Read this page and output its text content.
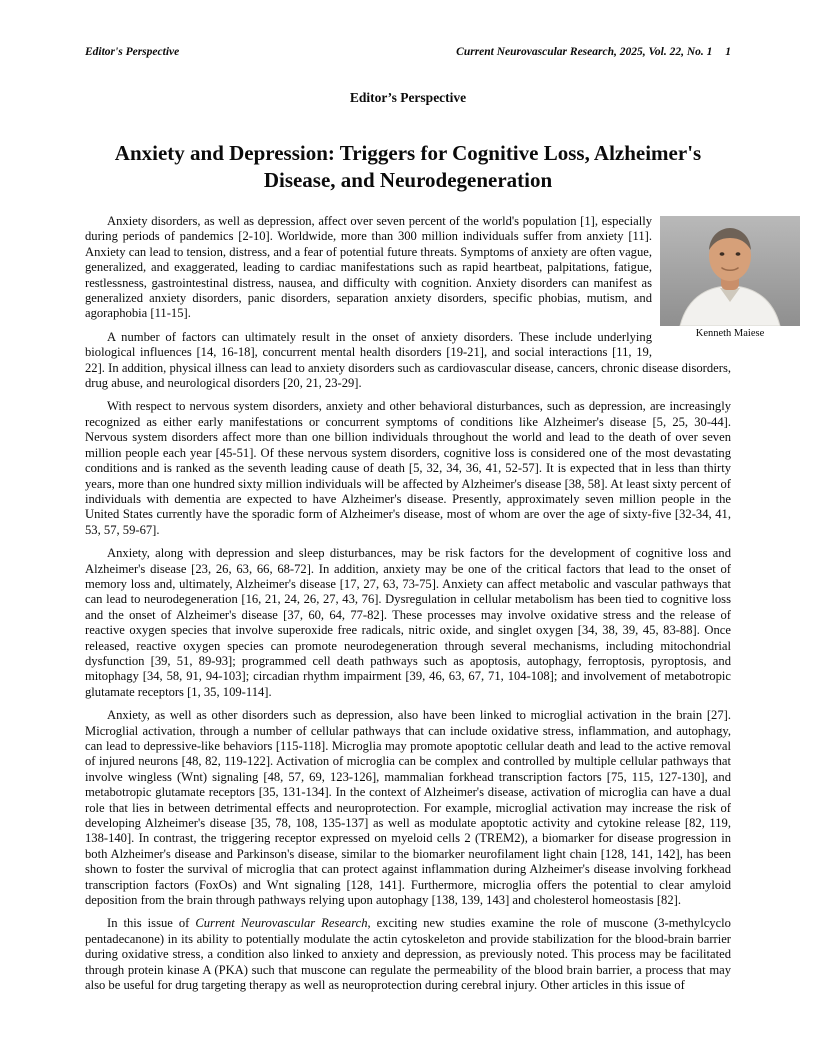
Editor's Perspective	Current Neurovascular Research, 2025, Vol. 22, No. 1 1
Editor’s Perspective
Anxiety and Depression: Triggers for Cognitive Loss, Alzheimer's Disease, and Neurodegeneration
Kenneth Maiese

Anxiety disorders, as well as depression, affect over seven percent of the world's population [1], especially during periods of pandemics [2-10]. Worldwide, more than 300 million individuals suffer from anxiety [11]. Anxiety can lead to tension, distress, and a fear of potential future threats. Symptoms of anxiety are often vague, generalized, and exaggerated, leading to cardiac manifestations such as rapid heartbeat, palpitations, fatigue, restlessness, gastrointestinal distress, nausea, and difficulty with cognition. Anxiety disorders can manifest as generalized anxiety disorders, panic disorders, separation anxiety disorders, specific phobias, mutism, and agoraphobia [11-15].

A number of factors can ultimately result in the onset of anxiety disorders. These include underlying biological influences [14, 16-18], concurrent mental health disorders [19-21], and social interactions [11, 19, 22]. In addition, physical illness can lead to anxiety disorders such as cardiovascular disease, cancers, chronic disease disorders, drug abuse, and neurological disorders [20, 21, 23-29].

With respect to nervous system disorders, anxiety and other behavioral disturbances, such as depression, are increasingly recognized as either early manifestations or concurrent symptoms of conditions like Alzheimer's disease [5, 25, 30-44]. Nervous system disorders affect more than one billion individuals throughout the world and lead to the death of over seven million people each year [45-51]. Of these nervous system disorders, cognitive loss is considered one of the most devastating conditions and is ranked as the seventh leading cause of death [5, 32, 34, 36, 41, 52-57]. It is expected that in less than thirty years, more than one hundred sixty million individuals will be affected by Alzheimer's disease [38, 58]. At least sixty percent of individuals with dementia are expected to have Alzheimer's disease. Presently, approximately seven million people in the United States currently have the sporadic form of Alzheimer's disease, most of whom are over the age of sixty-five [32-34, 41, 53, 57, 59-67].

Anxiety, along with depression and sleep disturbances, may be risk factors for the development of cognitive loss and Alzheimer's disease [23, 26, 63, 66, 68-72]. In addition, anxiety may be one of the critical factors that lead to the onset of memory loss and, ultimately, Alzheimer's disease [17, 27, 63, 73-75]. Anxiety can affect metabolic and vascular pathways that can lead to neurodegeneration [16, 21, 24, 26, 27, 43, 76]. Dysregulation in cellular metabolism has been tied to cognitive loss and the onset of Alzheimer's disease [37, 60, 64, 77-82]. These processes may involve oxidative stress and the release of reactive oxygen species that involve superoxide free radicals, nitric oxide, and singlet oxygen [34, 38, 39, 45, 83-88]. Once released, reactive oxygen species can promote neurodegeneration through several mechanisms, including mitochondrial dysfunction [39, 51, 89-93]; programmed cell death pathways such as apoptosis, autophagy, ferroptosis, pyroptosis, and mitophagy [34, 58, 91, 94-103]; circadian rhythm impairment [39, 46, 63, 67, 71, 104-108]; and involvement of metabotropic glutamate receptors [1, 35, 109-114].

Anxiety, as well as other disorders such as depression, also have been linked to microglial activation in the brain [27]. Microglial activation, through a number of cellular pathways that can include oxidative stress, inflammation, and autophagy, can lead to depressive-like behaviors [115-118]. Microglia may promote apoptotic cellular death and lead to the active removal of injured neurons [48, 82, 119-122]. Activation of microglia can be complex and controlled by multiple cellular pathways that involve wingless (Wnt) signaling [48, 57, 69, 123-126], mammalian forkhead transcription factors [75, 115, 127-130], and metabotropic glutamate receptors [35, 131-134]. In the context of Alzheimer's disease, activation of microglia can have a dual role that lies in between detrimental effects and neuroprotection. For example, microglial activation may increase the risk of developing Alzheimer's disease [35, 78, 108, 135-137] as well as modulate apoptotic activity and cytokine release [82, 119, 138-140]. In contrast, the triggering receptor expressed on myeloid cells 2 (TREM2), a biomarker for disease progression in both Alzheimer's disease and Parkinson's disease, similar to the biomarker neurofilament light chain [128, 141, 142], has been shown to foster the survival of microglia that can protect against inflammation during Alzheimer's disease involving forkhead transcription factors (FoxOs) and Wnt signaling [128, 141]. Furthermore, microglia offers the potential to clear amyloid deposition from the brain through pathways relying upon autophagy [138, 139, 143] and cholesterol homeostasis [82].

In this issue of Current Neurovascular Research, exciting new studies examine the role of muscone (3-methylcyclo pentadecanone) in its ability to potentially modulate the actin cytoskeleton and provide stabilization for the blood-brain barrier during oxidative stress, a condition also linked to anxiety and depression, as previously noted. This process may be facilitated through protein kinase A (PKA) such that muscone can regulate the permeability of the blood brain barrier, a process that may also be useful for drug targeting therapy as well as neuroprotection during cerebral injury. Other articles in this issue of
